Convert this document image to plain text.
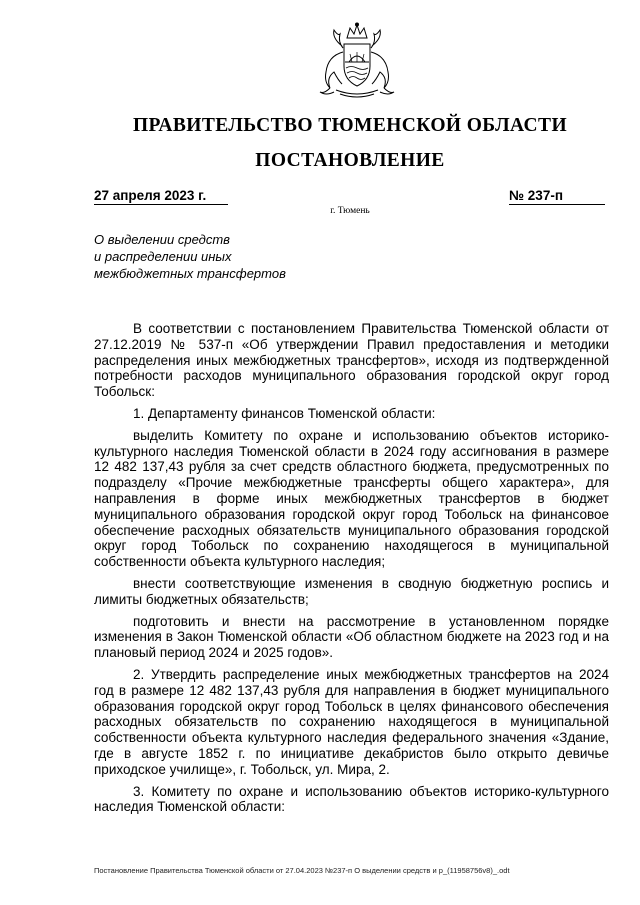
ПРАВИТЕЛЬСТВО ТЮМЕНСКОЙ ОБЛАСТИ
ПОСТАНОВЛЕНИЕ
27 апреля 2023 г.	№ 237-п
г. Тюмень
О выделении средств
и распределении иных
межбюджетных трансфертов

В соответствии с постановлением Правительства Тюменской области от 27.12.2019 № 537-п «Об утверждении Правил предоставления и методики распределения иных межбюджетных трансфертов», исходя из подтвержденной потребности расходов муниципального образования городской округ город Тобольск:

1. Департаменту финансов Тюменской области:

выделить Комитету по охране и использованию объектов историко-культурного наследия Тюменской области в 2024 году ассигнования в размере 12 482 137,43 рубля за счет средств областного бюджета, предусмотренных по подразделу «Прочие межбюджетные трансферты общего характера», для направления в форме иных межбюджетных трансфертов в бюджет муниципального образования городской округ город Тобольск на финансовое обеспечение расходных обязательств муниципального образования городской округ город Тобольск по сохранению находящегося в муниципальной собственности объекта культурного наследия;

внести соответствующие изменения в сводную бюджетную роспись и лимиты бюджетных обязательств;

подготовить и внести на рассмотрение в установленном порядке изменения в Закон Тюменской области «Об областном бюджете на 2023 год и на плановый период 2024 и 2025 годов».

2. Утвердить распределение иных межбюджетных трансфертов на 2024 год в размере 12 482 137,43 рубля для направления в бюджет муниципального образования городской округ город Тобольск в целях финансового обеспечения расходных обязательств по сохранению находящегося в муниципальной собственности объекта культурного наследия федерального значения «Здание, где в августе 1852 г. по инициативе декабристов было открыто девичье приходское училище», г. Тобольск, ул. Мира, 2.

3. Комитету по охране и использованию объектов историко-культурного наследия Тюменской области:

Постановление Правительства Тюменской области от 27.04.2023 №237-п О выделении средств и р_(11958756v8)_.odt
